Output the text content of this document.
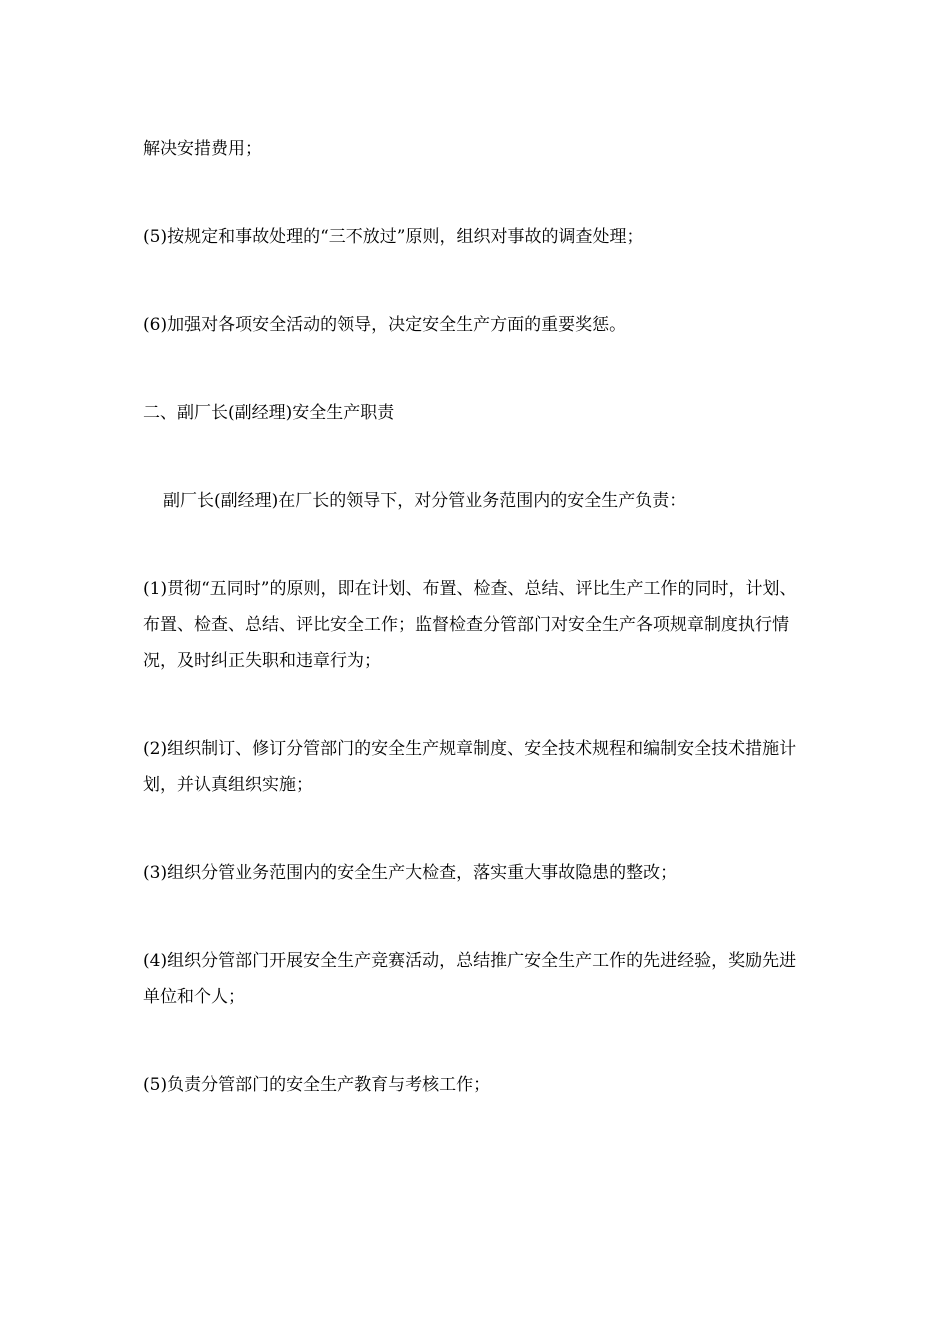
解决安措费用；

(5)按规定和事故处理的“三不放过”原则，组织对事故的调查处理；

(6)加强对各项安全活动的领导，决定安全生产方面的重要奖惩。

二、副厂长(副经理)安全生产职责

副厂长(副经理)在厂长的领导下，对分管业务范围内的安全生产负责：

(1)贯彻“五同时”的原则，即在计划、布置、检查、总结、评比生产工作的同时，计划、布置、检查、总结、评比安全工作；监督检查分管部门对安全生产各项规章制度执行情况，及时纠正失职和违章行为；

(2)组织制订、修订分管部门的安全生产规章制度、安全技术规程和编制安全技术措施计划，并认真组织实施；

(3)组织分管业务范围内的安全生产大检查，落实重大事故隐患的整改；

(4)组织分管部门开展安全生产竞赛活动，总结推广安全生产工作的先进经验，奖励先进单位和个人；

(5)负责分管部门的安全生产教育与考核工作；
